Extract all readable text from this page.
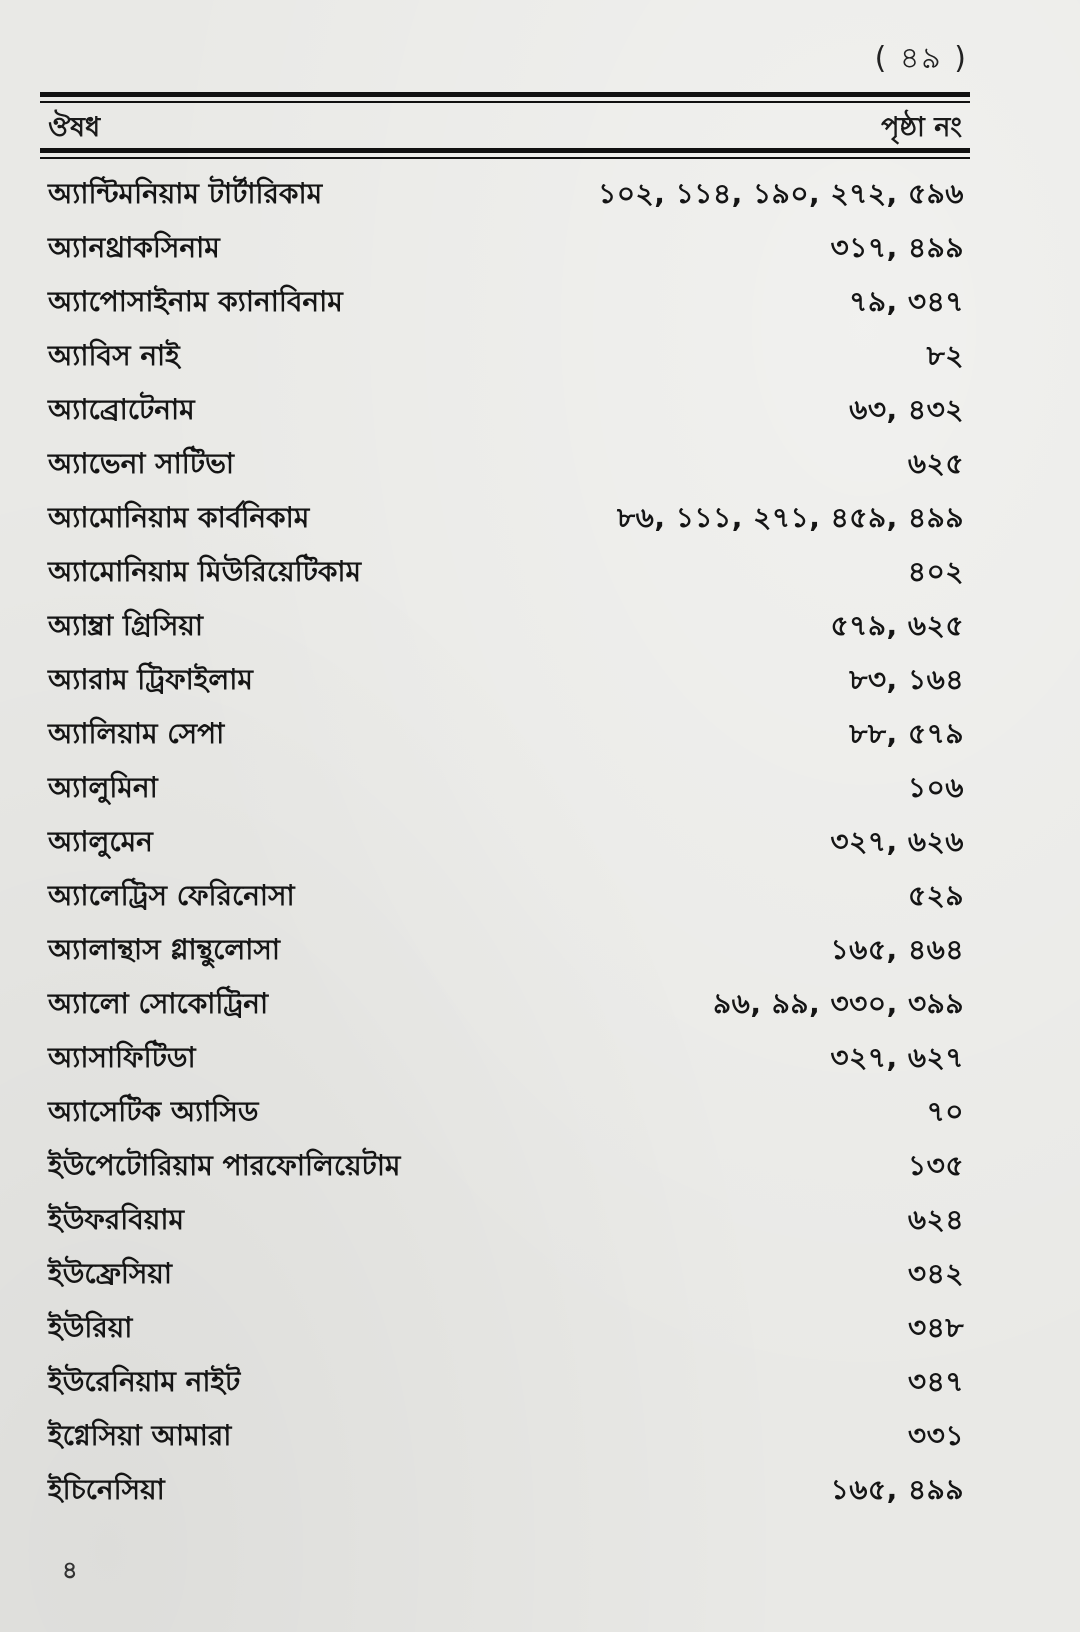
( ৪৯ )
ঔষধ	পৃষ্ঠা নং
অ্যান্টিমনিয়াম টার্টারিকাম	১০২, ১১৪, ১৯০, ২৭২, ৫৯৬
অ্যানথ্রাকসিনাম	৩১৭, ৪৯৯
অ্যাপোসাইনাম ক্যানাবিনাম	৭৯, ৩৪৭
অ্যাবিস নাই	৮২
অ্যাব্রোটেনাম	৬৩, ৪৩২
অ্যাভেনা সাটিভা	৬২৫
অ্যামোনিয়াম কার্বনিকাম	৮৬, ১১১, ২৭১, ৪৫৯, ৪৯৯
অ্যামোনিয়াম মিউরিয়েটিকাম	৪০২
অ্যাম্ব্রা গ্রিসিয়া	৫৭৯, ৬২৫
অ্যারাম ট্রিফাইলাম	৮৩, ১৬৪
অ্যালিয়াম সেপা	৮৮, ৫৭৯
অ্যালুমিনা	১০৬
অ্যালুমেন	৩২৭, ৬২৬
অ্যালেট্রিস ফেরিনোসা	৫২৯
অ্যালান্থাস গ্লান্থুলোসা	১৬৫, ৪৬৪
অ্যালো সোকোট্রিনা	৯৬, ৯৯, ৩৩০, ৩৯৯
অ্যাসাফিটিডা	৩২৭, ৬২৭
অ্যাসেটিক অ্যাসিড	৭০
ইউপেটোরিয়াম পারফোলিয়েটাম	১৩৫
ইউফরবিয়াম	৬২৪
ইউফ্রেসিয়া	৩৪২
ইউরিয়া	৩৪৮
ইউরেনিয়াম নাইট	৩৪৭
ইগ্নেসিয়া আমারা	৩৩১
ইচিনেসিয়া	১৬৫, ৪৯৯
৪
